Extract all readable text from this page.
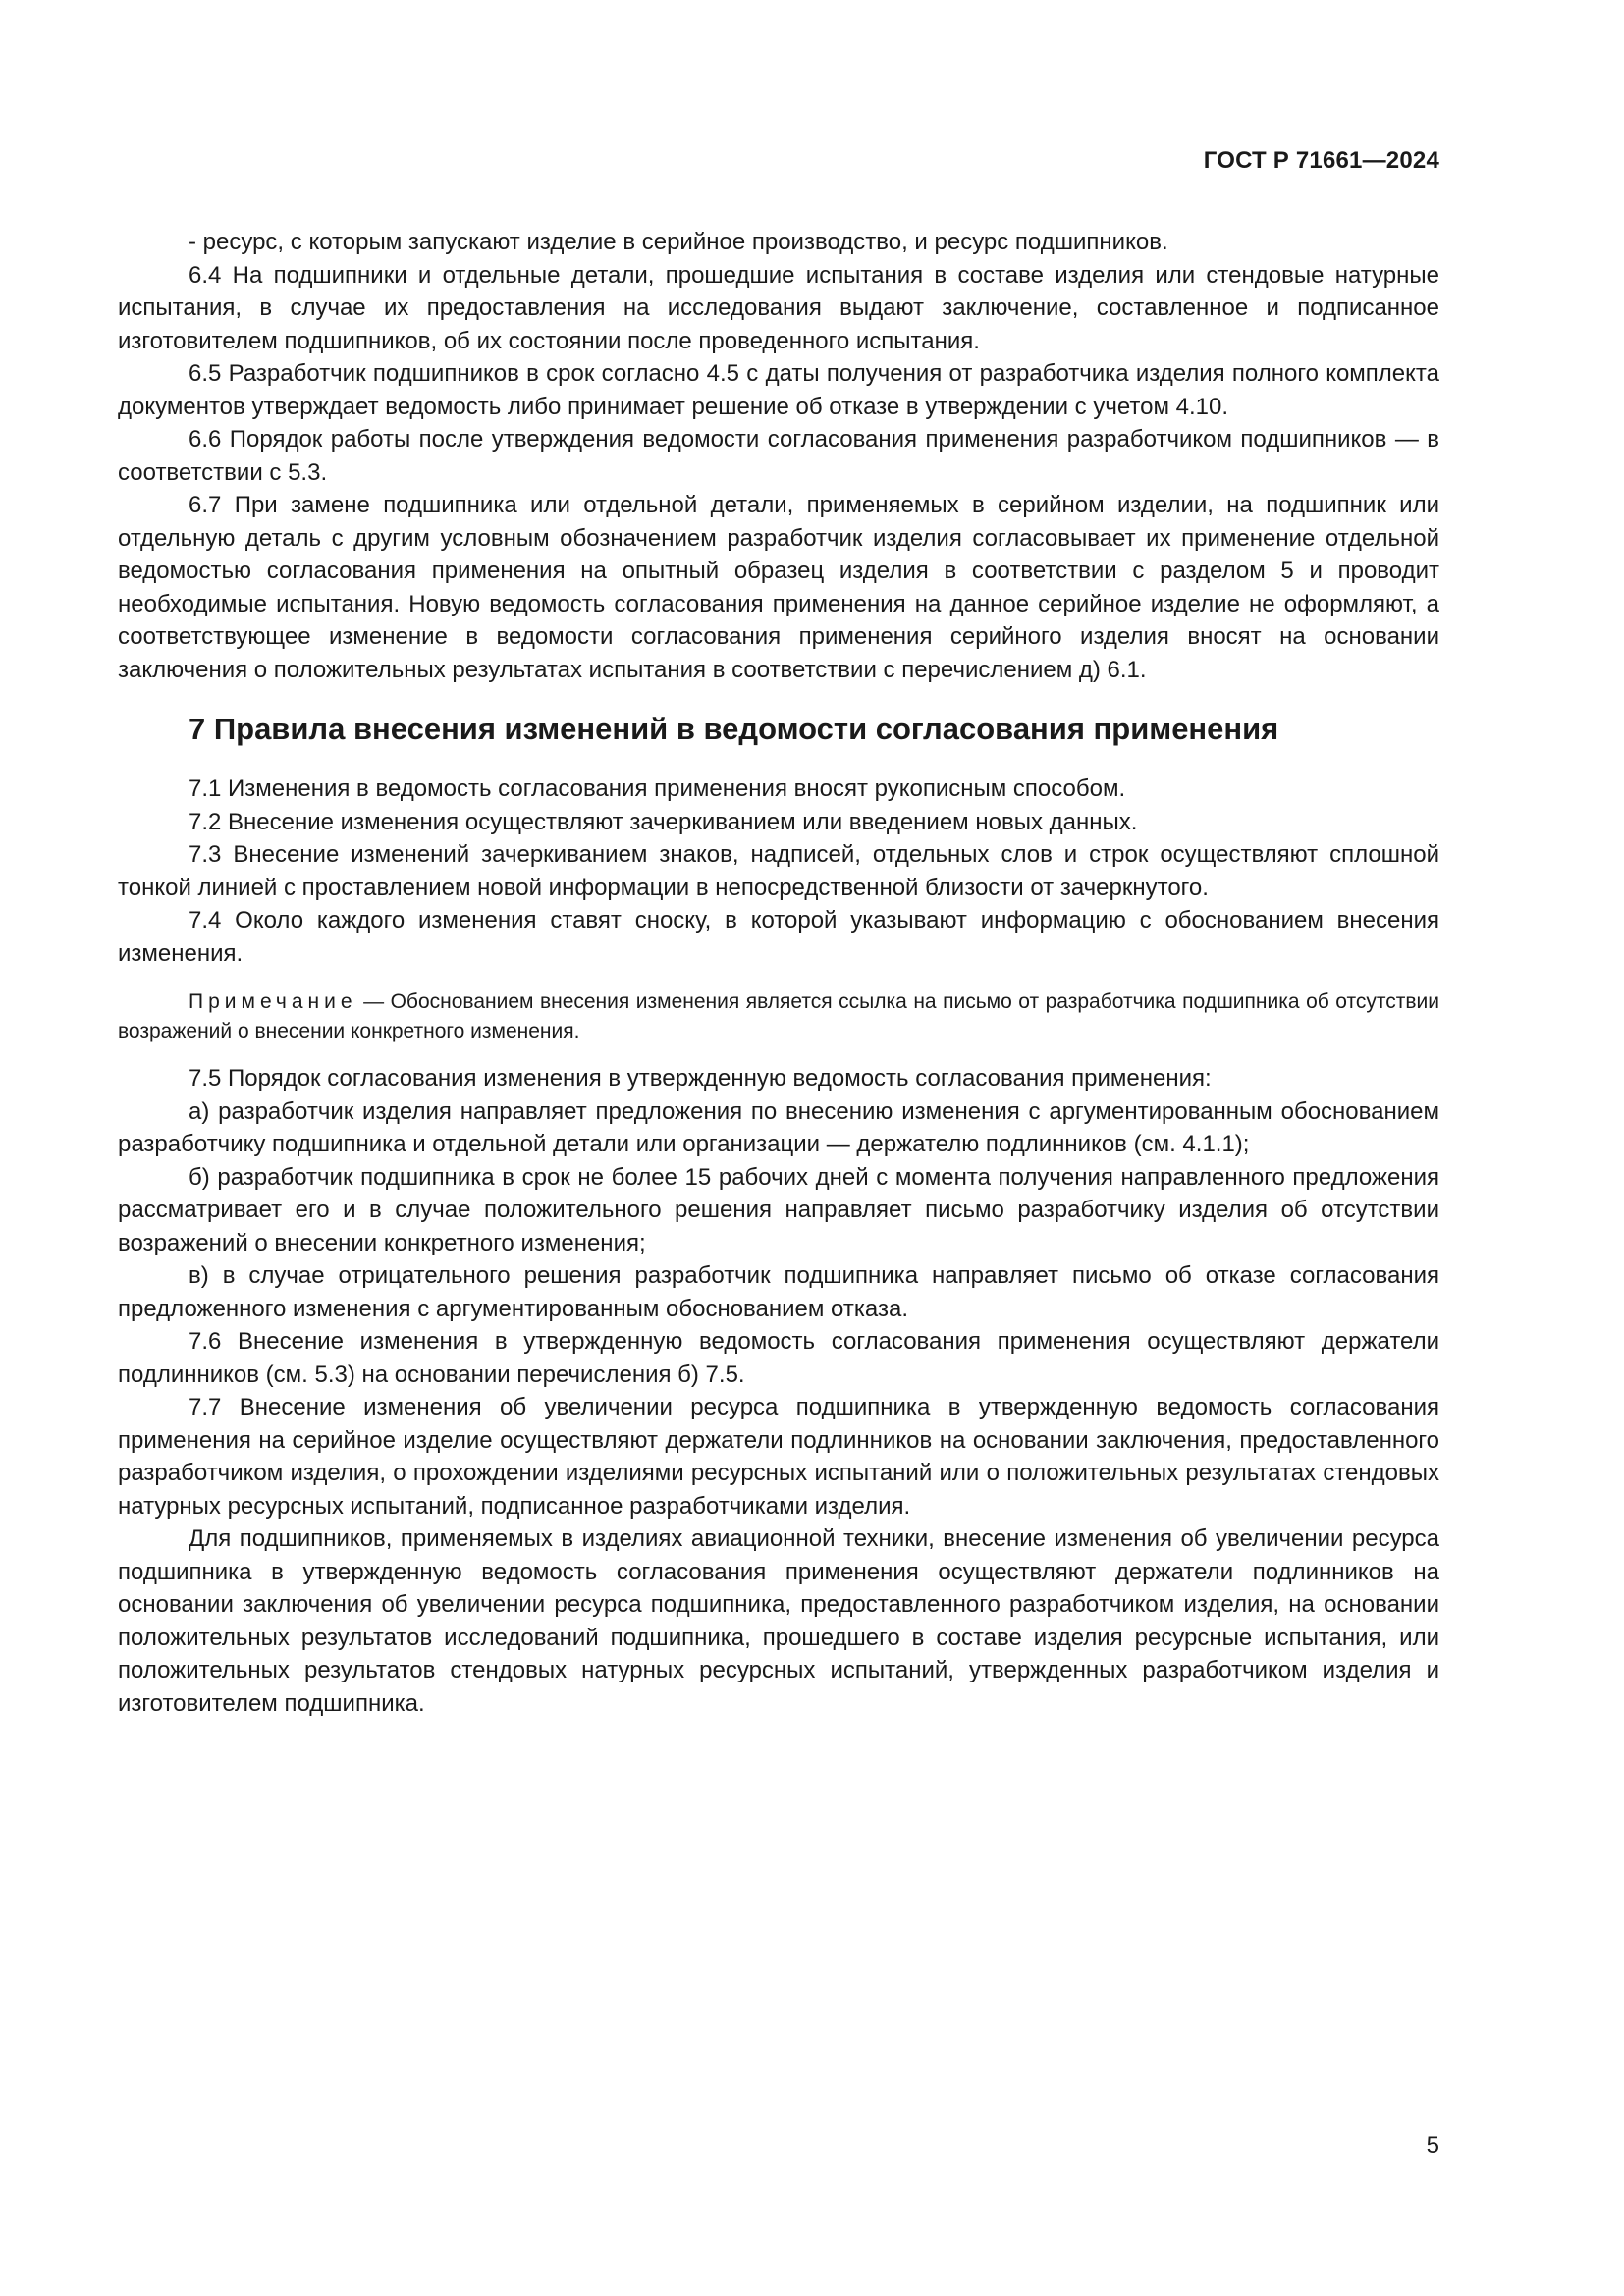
ГОСТ Р 71661—2024

- ресурс, с которым запускают изделие в серийное производство, и ресурс подшипников.

6.4 На подшипники и отдельные детали, прошедшие испытания в составе изделия или стендовые натурные испытания, в случае их предоставления на исследования выдают заключение, составленное и подписанное изготовителем подшипников, об их состоянии после проведенного испытания.

6.5 Разработчик подшипников в срок согласно 4.5 с даты получения от разработчика изделия полного комплекта документов утверждает ведомость либо принимает решение об отказе в утверждении с учетом 4.10.

6.6 Порядок работы после утверждения ведомости согласования применения разработчиком подшипников — в соответствии с 5.3.

6.7 При замене подшипника или отдельной детали, применяемых в серийном изделии, на подшипник или отдельную деталь с другим условным обозначением разработчик изделия согласовывает их применение отдельной ведомостью согласования применения на опытный образец изделия в соответствии с разделом 5 и проводит необходимые испытания. Новую ведомость согласования применения на данное серийное изделие не оформляют, а соответствующее изменение в ведомости согласования применения серийного изделия вносят на основании заключения о положительных результатах испытания в соответствии с перечислением д) 6.1.

7 Правила внесения изменений в ведомости согласования применения

7.1 Изменения в ведомость согласования применения вносят рукописным способом.

7.2 Внесение изменения осуществляют зачеркиванием или введением новых данных.

7.3 Внесение изменений зачеркиванием знаков, надписей, отдельных слов и строк осуществляют сплошной тонкой линией с проставлением новой информации в непосредственной близости от зачеркнутого.

7.4 Около каждого изменения ставят сноску, в которой указывают информацию с обоснованием внесения изменения.

Примечание — Обоснованием внесения изменения является ссылка на письмо от разработчика подшипника об отсутствии возражений о внесении конкретного изменения.

7.5 Порядок согласования изменения в утвержденную ведомость согласования применения:

а) разработчик изделия направляет предложения по внесению изменения с аргументированным обоснованием разработчику подшипника и отдельной детали или организации — держателю подлинников (см. 4.1.1);

б) разработчик подшипника в срок не более 15 рабочих дней с момента получения направленного предложения рассматривает его и в случае положительного решения направляет письмо разработчику изделия об отсутствии возражений о внесении конкретного изменения;

в) в случае отрицательного решения разработчик подшипника направляет письмо об отказе согласования предложенного изменения с аргументированным обоснованием отказа.

7.6 Внесение изменения в утвержденную ведомость согласования применения осуществляют держатели подлинников (см. 5.3) на основании перечисления б) 7.5.

7.7 Внесение изменения об увеличении ресурса подшипника в утвержденную ведомость согласования применения на серийное изделие осуществляют держатели подлинников на основании заключения, предоставленного разработчиком изделия, о прохождении изделиями ресурсных испытаний или о положительных результатах стендовых натурных ресурсных испытаний, подписанное разработчиками изделия.

Для подшипников, применяемых в изделиях авиационной техники, внесение изменения об увеличении ресурса подшипника в утвержденную ведомость согласования применения осуществляют держатели подлинников на основании заключения об увеличении ресурса подшипника, предоставленного разработчиком изделия, на основании положительных результатов исследований подшипника, прошедшего в составе изделия ресурсные испытания, или положительных результатов стендовых натурных ресурсных испытаний, утвержденных разработчиком изделия и изготовителем подшипника.

5
